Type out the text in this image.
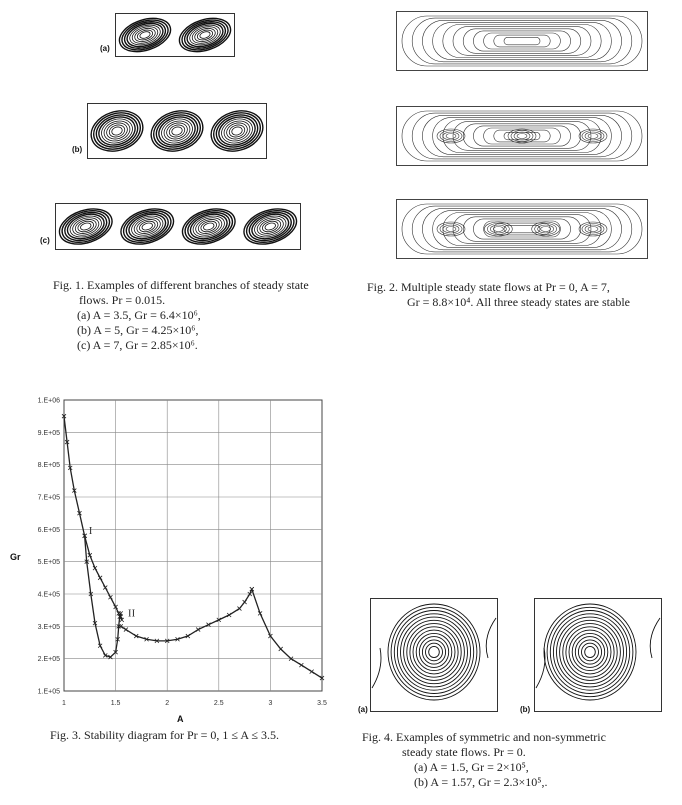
(a)
(b)
(c)
Fig. 1. Examples of different branches of steady state
flows. Pr = 0.015.
(a) A = 3.5, Gr = 6.4×10⁶,
(b) A = 5, Gr = 4.25×10⁶,
(c) A = 7, Gr = 2.85×10⁶.
Fig. 2. Multiple steady state flows at Pr = 0, A = 7,
Gr = 8.8×10⁴. All three steady states are stable
1.E+05
2.E+05
3.E+05
4.E+05
5.E+05
6.E+05
7.E+05
8.E+05
9.E+05
1.E+06
1	1.5	2	2.5	3	3.5
I
II
Gr
A
Fig. 3. Stability diagram for Pr = 0, 1 ≤ A ≤ 3.5.
(a)	(b)
Fig. 4. Examples of symmetric and non-symmetric
steady state flows. Pr = 0.
(a) A = 1.5, Gr = 2×10⁵,
(b) A = 1.57, Gr = 2.3×10⁵,.
